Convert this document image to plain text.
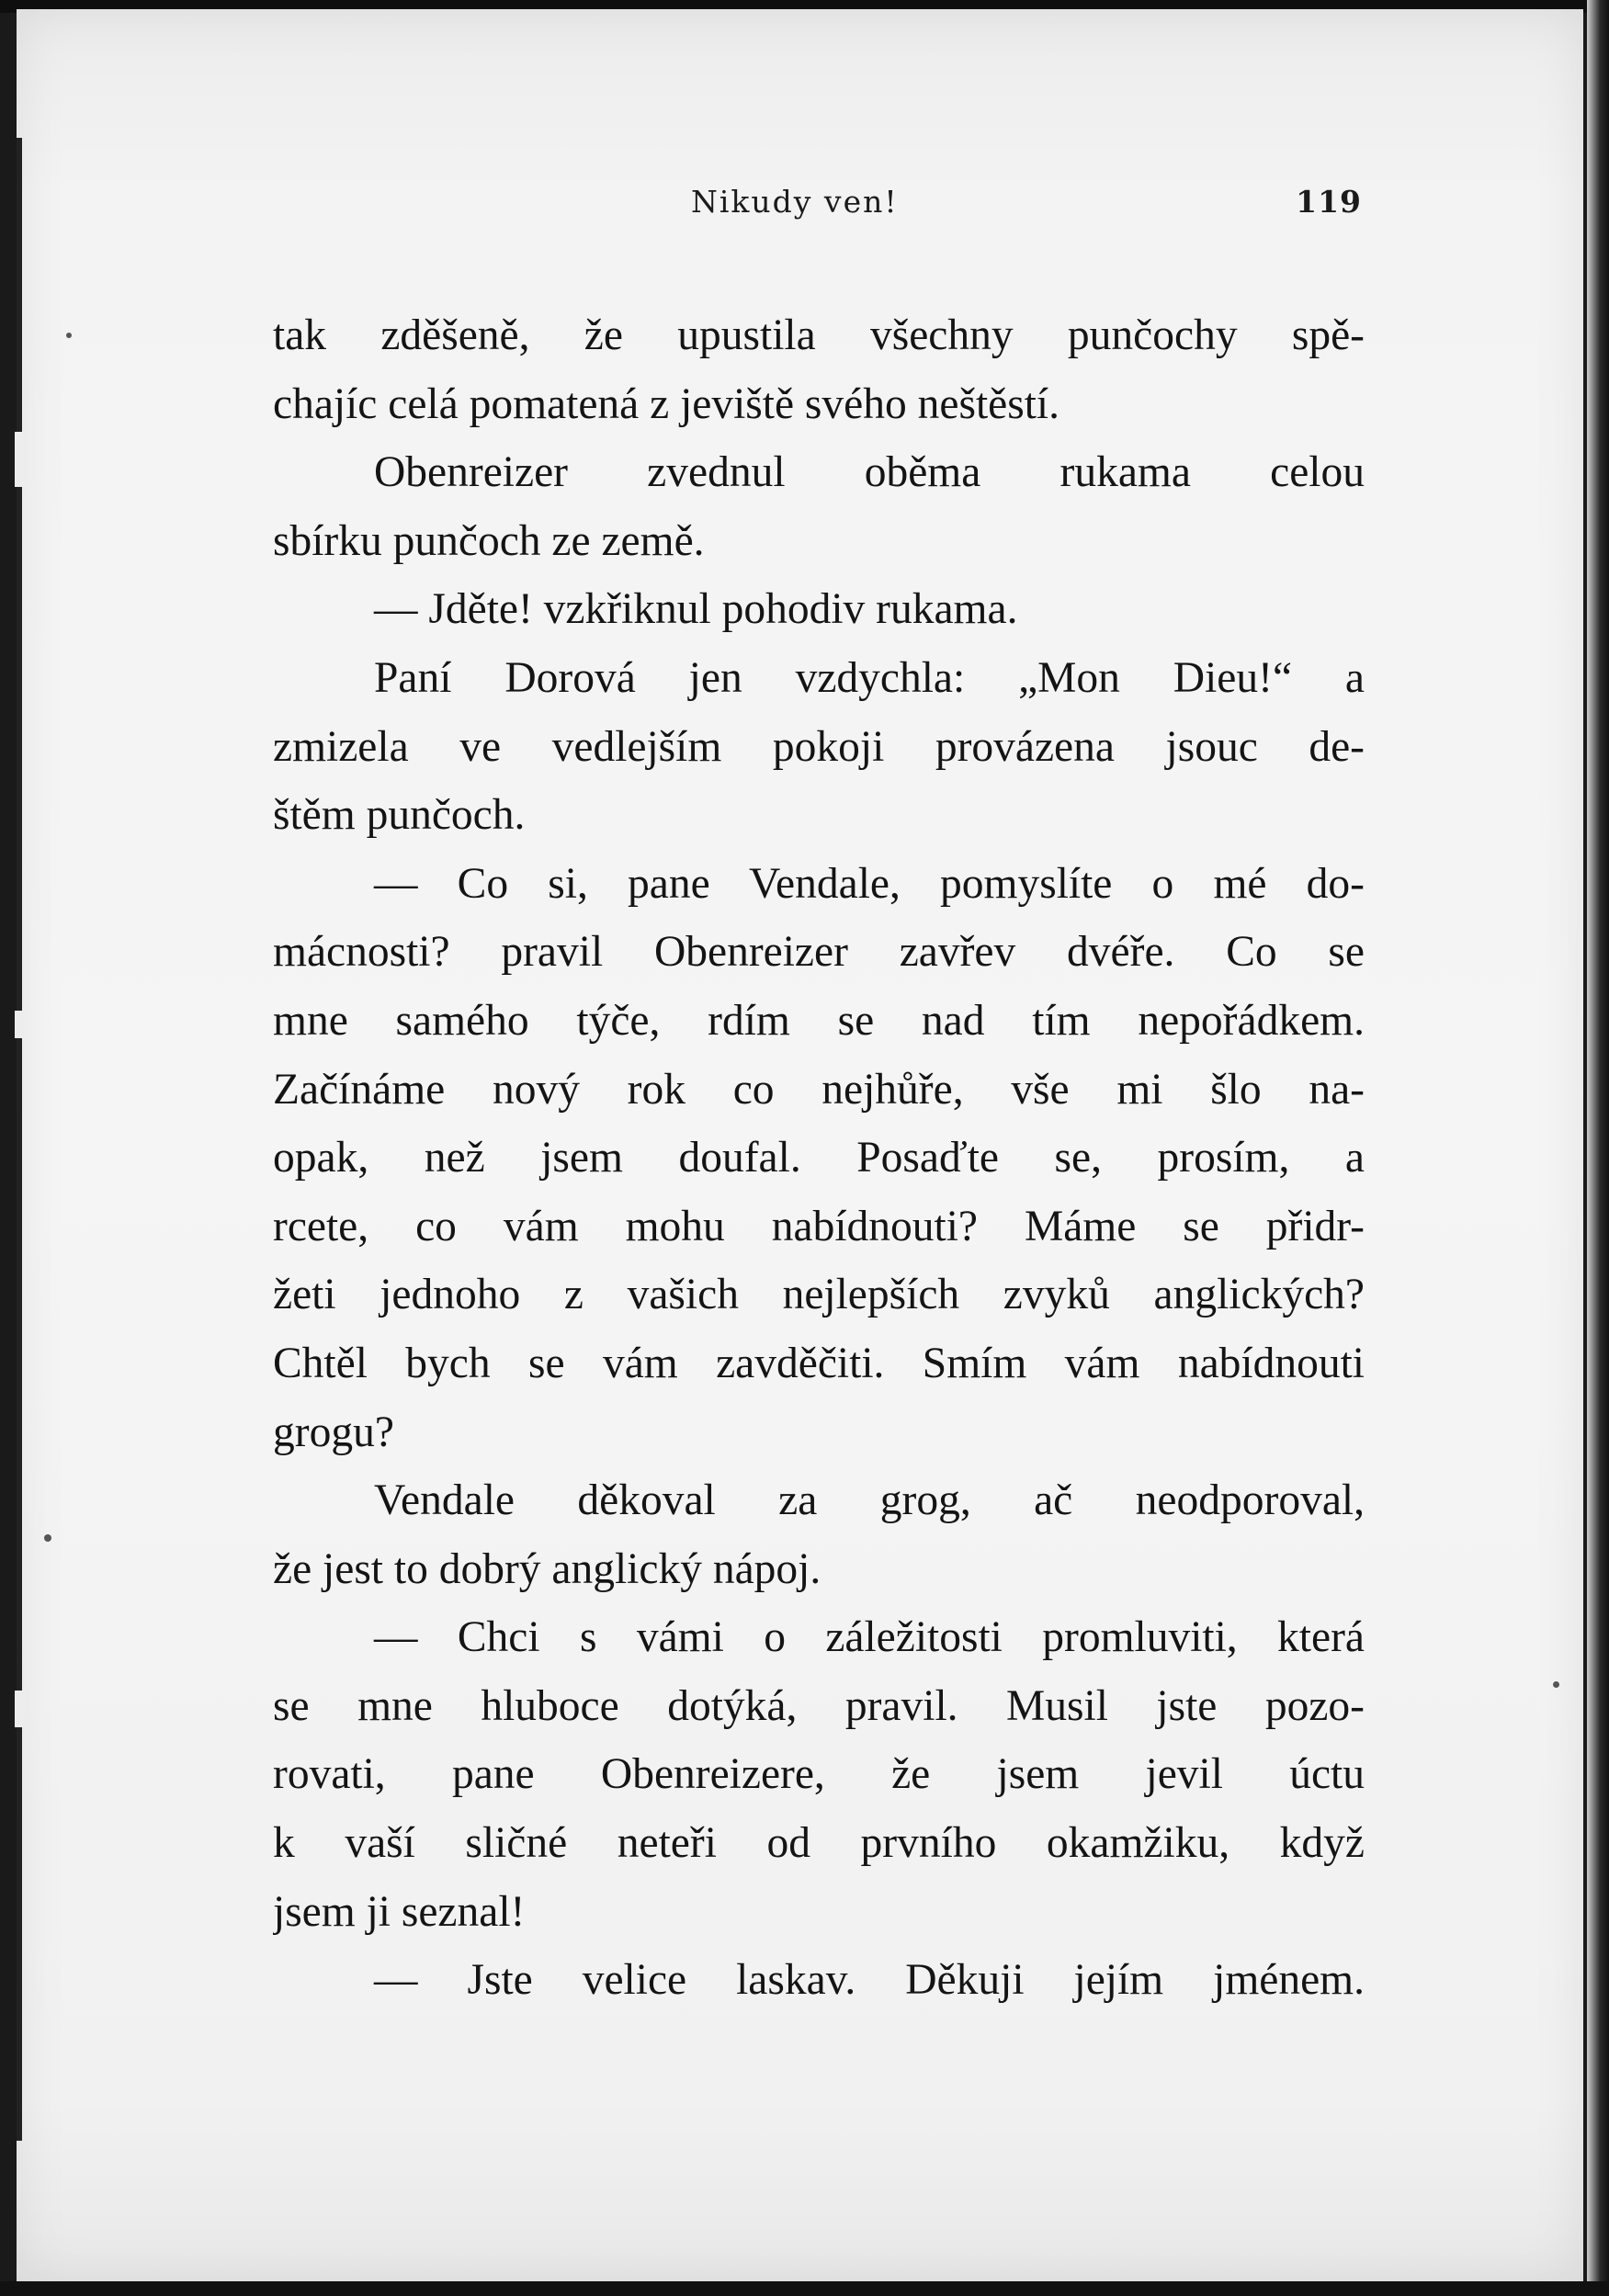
Nikudy ven!	119
tak zděšeně, že upustila všechny punčochy spě-
chajíc celá pomatená z jeviště svého neštěstí.
Obenreizer zvednul oběma rukama celou
sbírku punčoch ze země.
— Jděte! vzkřiknul pohodiv rukama.
Paní Dorová jen vzdychla: „Mon Dieu!“ a
zmizela ve vedlejším pokoji provázena jsouc de-
štěm punčoch.
— Co si, pane Vendale, pomyslíte o mé do-
mácnosti? pravil Obenreizer zavřev dvéře. Co se
mne samého týče, rdím se nad tím nepořádkem.
Začínáme nový rok co nejhůře, vše mi šlo na-
opak, než jsem doufal. Posaďte se, prosím, a
rcete, co vám mohu nabídnouti? Máme se přidr-
žeti jednoho z vašich nejlepších zvyků anglických?
Chtěl bych se vám zavděčiti. Smím vám nabídnouti
grogu?
Vendale děkoval za grog, ač neodporoval,
že jest to dobrý anglický nápoj.
— Chci s vámi o záležitosti promluviti, která
se mne hluboce dotýká, pravil. Musil jste pozo-
rovati, pane Obenreizere, že jsem jevil úctu
k vaší sličné neteři od prvního okamžiku, když
jsem ji seznal!
— Jste velice laskav. Děkuji jejím jménem.
